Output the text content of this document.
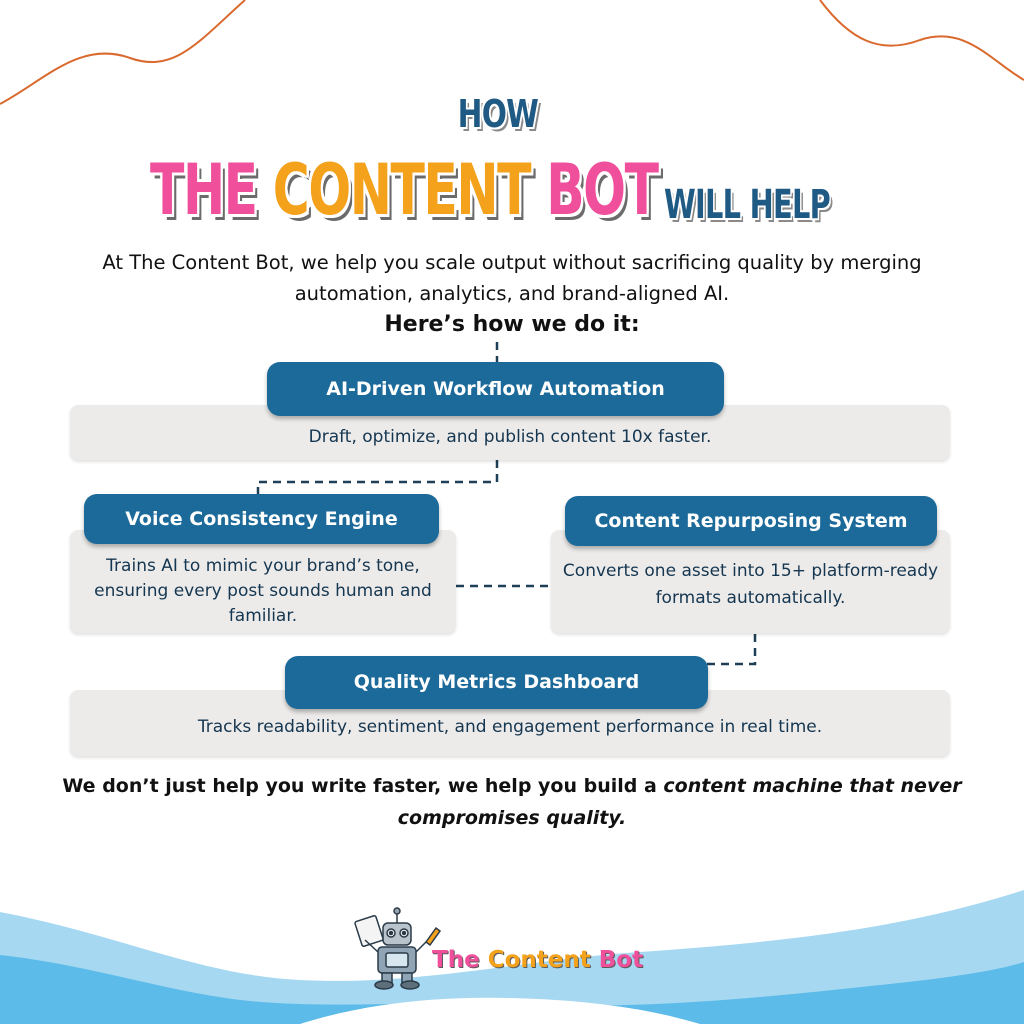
HOW
THE CONTENT BOT WILL HELP
At The Content Bot, we help you scale output without sacrificing quality by merging automation, analytics, and brand-aligned AI.
Here’s how we do it:
AI-Driven Workflow Automation
Draft, optimize, and publish content 10x faster.
Voice Consistency Engine
Trains AI to mimic your brand’s tone, ensuring every post sounds human and familiar.
Content Repurposing System
Converts one asset into 15+ platform-ready formats automatically.
Quality Metrics Dashboard
Tracks readability, sentiment, and engagement performance in real time.
We don’t just help you write faster, we help you build a content machine that never compromises quality.
The Content Bot
